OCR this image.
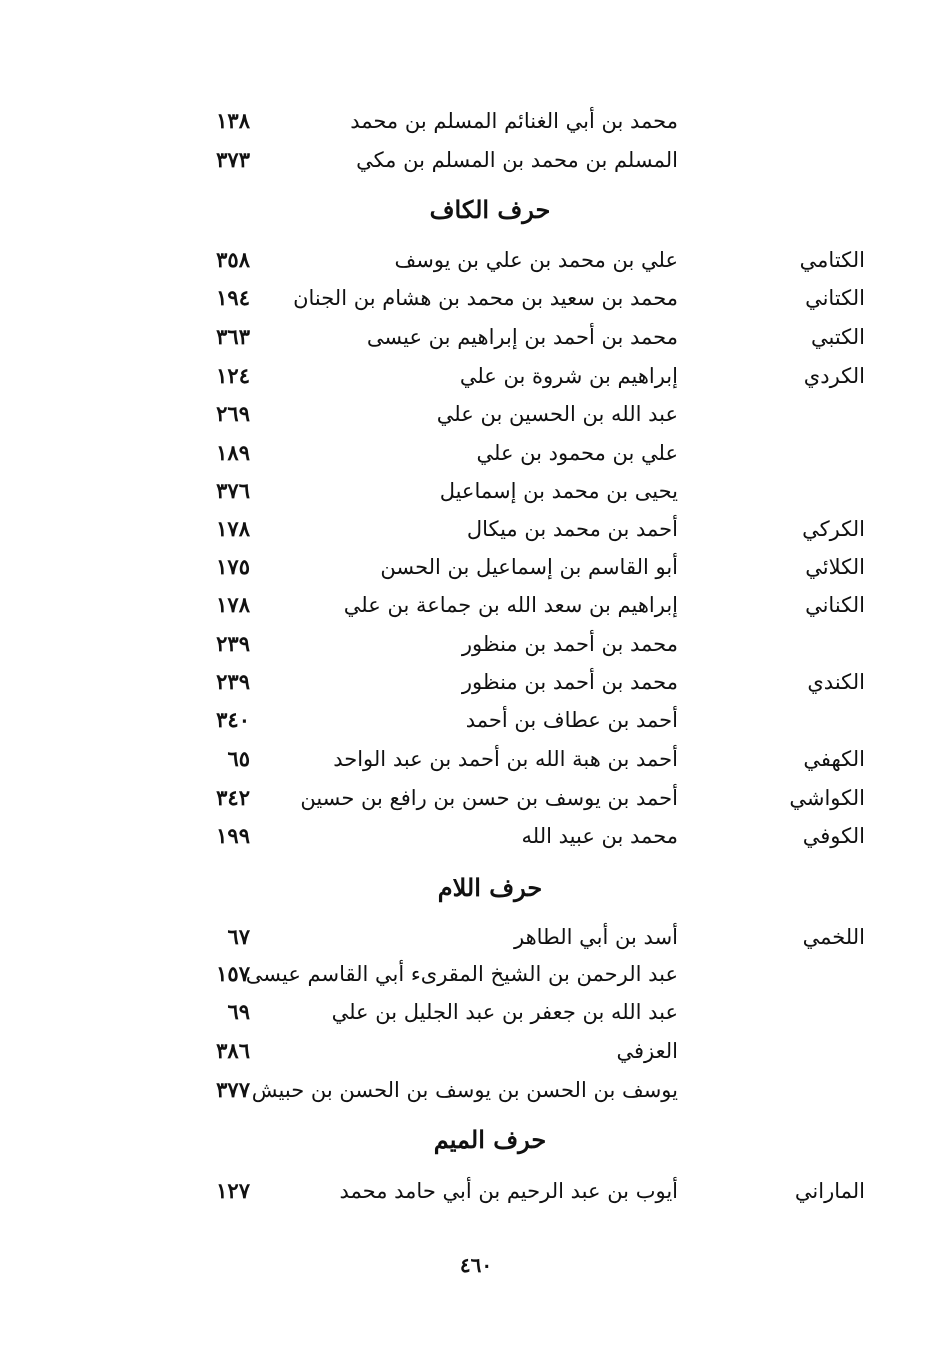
محمد بن أبي الغنائم المسلم بن محمد
١٣٨
المسلم بن محمد بن المسلم بن مكي
٣٧٣
حرف الكاف
الكتامي
علي بن محمد بن علي بن يوسف
٣٥٨
الكتاني
محمد بن سعيد بن محمد بن هشام بن الجنان
١٩٤
الكتبي
محمد بن أحمد بن إبراهيم بن عيسى
٣٦٣
الكردي
إبراهيم بن شروة بن علي
١٢٤
عبد الله بن الحسين بن علي
٢٦٩
علي بن محمود بن علي
١٨٩
يحيى بن محمد بن إسماعيل
٣٧٦
الكركي
أحمد بن محمد بن ميكال
١٧٨
الكلائي
أبو القاسم بن إسماعيل بن الحسن
١٧٥
الكناني
إبراهيم بن سعد الله بن جماعة بن علي
١٧٨
محمد بن أحمد بن منظور
٢٣٩
الكندي
محمد بن أحمد بن منظور
٢٣٩
أحمد بن عطاف بن أحمد
٣٤٠
الكهفي
أحمد بن هبة الله بن أحمد بن عبد الواحد
٦٥
الكواشي
أحمد بن يوسف بن حسن بن رافع بن حسين
٣٤٢
الكوفي
محمد بن عبيد الله
١٩٩
حرف اللام
اللخمي
أسد بن أبي الطاهر
٦٧
عبد الرحمن بن الشيخ المقرىء أبي القاسم عيسى
١٥٧
عبد الله بن جعفر بن عبد الجليل بن علي
٦٩
العزفي
٣٨٦
يوسف بن الحسن بن يوسف بن الحسن بن حبيش
٣٧٧
حرف الميم
الماراني
أيوب بن عبد الرحيم بن أبي حامد محمد
١٢٧
٤٦٠
